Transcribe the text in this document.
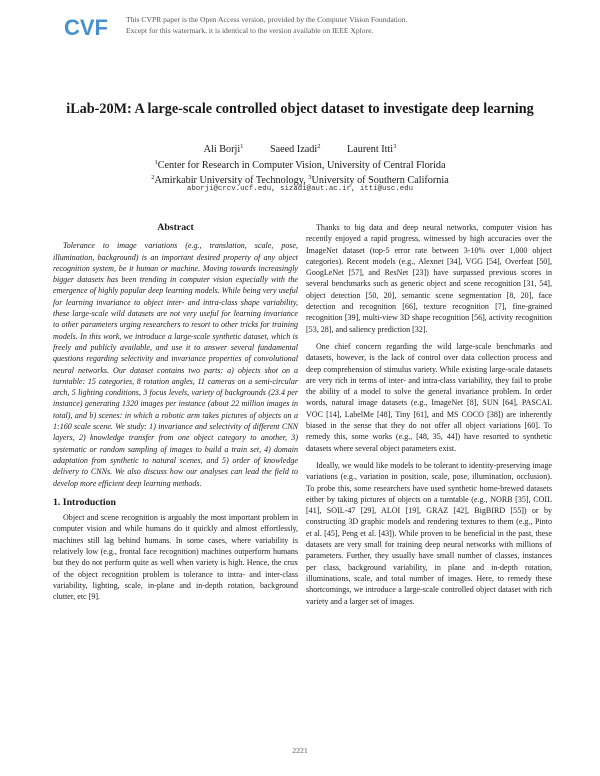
CVF This CVPR paper is the Open Access version, provided by the Computer Vision Foundation.
Except for this watermark, it is identical to the version available on IEEE Xplore.
iLab-20M: A large-scale controlled object dataset to investigate deep learning
Ali Borji$^1$	Saeed Izadi$^2$	Laurent Itti$^3$
$^1$Center for Research in Computer Vision, University of Central Florida
$^2$Amirkabir University of Technology, $^3$University of Southern California
aborji@crcv.ucf.edu, sizadi@aut.ac.ir, itti@usc.edu
Abstract
Tolerance to image variations (e.g., translation, scale, pose, illumination, background) is an important desired property of any object recognition system, be it human or machine. Moving towards increasingly bigger datasets has been trending in computer vision especially with the emergence of highly popular deep learning models. While being very useful for learning invariance to object inter- and intra-class shape variability, these large-scale wild datasets are not very useful for learning invariance to other parameters urging researchers to resort to other tricks for training models. In this work, we introduce a large-scale synthetic dataset, which is freely and publicly available, and use it to answer several fundamental questions regarding selectivity and invariance properties of convolutional neural networks. Our dataset contains two parts: a) objects shot on a turntable: 15 categories, 8 rotation angles, 11 cameras on a semi-circular arch, 5 lighting conditions, 3 focus levels, variety of backgrounds (23.4 per instance) generating 1320 images per instance (about 22 million images in total), and b) scenes: in which a robotic arm takes pictures of objects on a 1:160 scale scene. We study: 1) invariance and selectivity of different CNN layers, 2) knowledge transfer from one object category to another, 3) systematic or random sampling of images to build a train set, 4) domain adaptation from synthetic to natural scenes, and 5) order of knowledge delivery to CNNs. We also discuss how our analyses can lead the field to develop more efficient deep learning methods.
1. Introduction
Object and scene recognition is arguably the most important problem in computer vision and while humans do it quickly and almost effortlessly, machines still lag behind humans. In some cases, where variability is relatively low (e.g., frontal face recognition) machines outperform humans but they do not perform quite as well when variety is high. Hence, the crux of the object recognition problem is tolerance to intra- and inter-class variability, lighting, scale, in-plane and in-depth rotation, background clutter, etc [9].
Thanks to big data and deep neural networks, computer vision has recently enjoyed a rapid progress, witnessed by high accuracies over the ImageNet dataset (top-5 error rate between 3-10% over 1,000 object categories). Recent models (e.g., Alexnet [34], VGG [54], Overfeat [50], GoogLeNet [57], and ResNet [23]) have surpassed previous scores in several benchmarks such as generic object and scene recognition [31, 54], object detection [50, 20], semantic scene segmentation [8, 20], face detection and recognition [66], texture recognition [7], fine-grained recognition [39], multi-view 3D shape recognition [56], activity recognition [53, 28], and saliency prediction [32].
One chief concern regarding the wild large-scale benchmarks and datasets, however, is the lack of control over data collection process and deep comprehension of stimulus variety. While existing large-scale datasets are very rich in terms of inter- and intra-class variability, they fail to probe the ability of a model to solve the general invariance problem. In order words, natural image datasets (e.g., ImageNet [8], SUN [64], PASCAL VOC [14], LabelMe [48], Tiny [61], and MS COCO [38]) are inherently biased in the sense that they do not offer all object variations [60]. To remedy this, some works (e.g., [48, 35, 44]) have resorted to synthetic datasets where several object parameters exist.
Ideally, we would like models to be tolerant to identity-preserving image variations (e.g., variation in position, scale, pose, illumination, occlusion). To probe this, some researchers have used synthetic home-brewed datasets either by taking pictures of objects on a turntable (e.g., NORB [35], COIL [41], SOIL-47 [29], ALOI [19], GRAZ [42], BigBIRD [55]) or by constructing 3D graphic models and rendering textures to them (e.g., Pinto et al. [45], Peng et al. [43]). While proven to be beneficial in the past, these datasets are very small for training deep neural networks with millions of parameters. Further, they usually have small number of classes, instances per class, background variability, in plane and in-depth rotation, illuminations, scale, and total number of images. Here, to remedy these shortcomings, we introduce a large-scale controlled object dataset with rich variety and a larger set of images.
2221
